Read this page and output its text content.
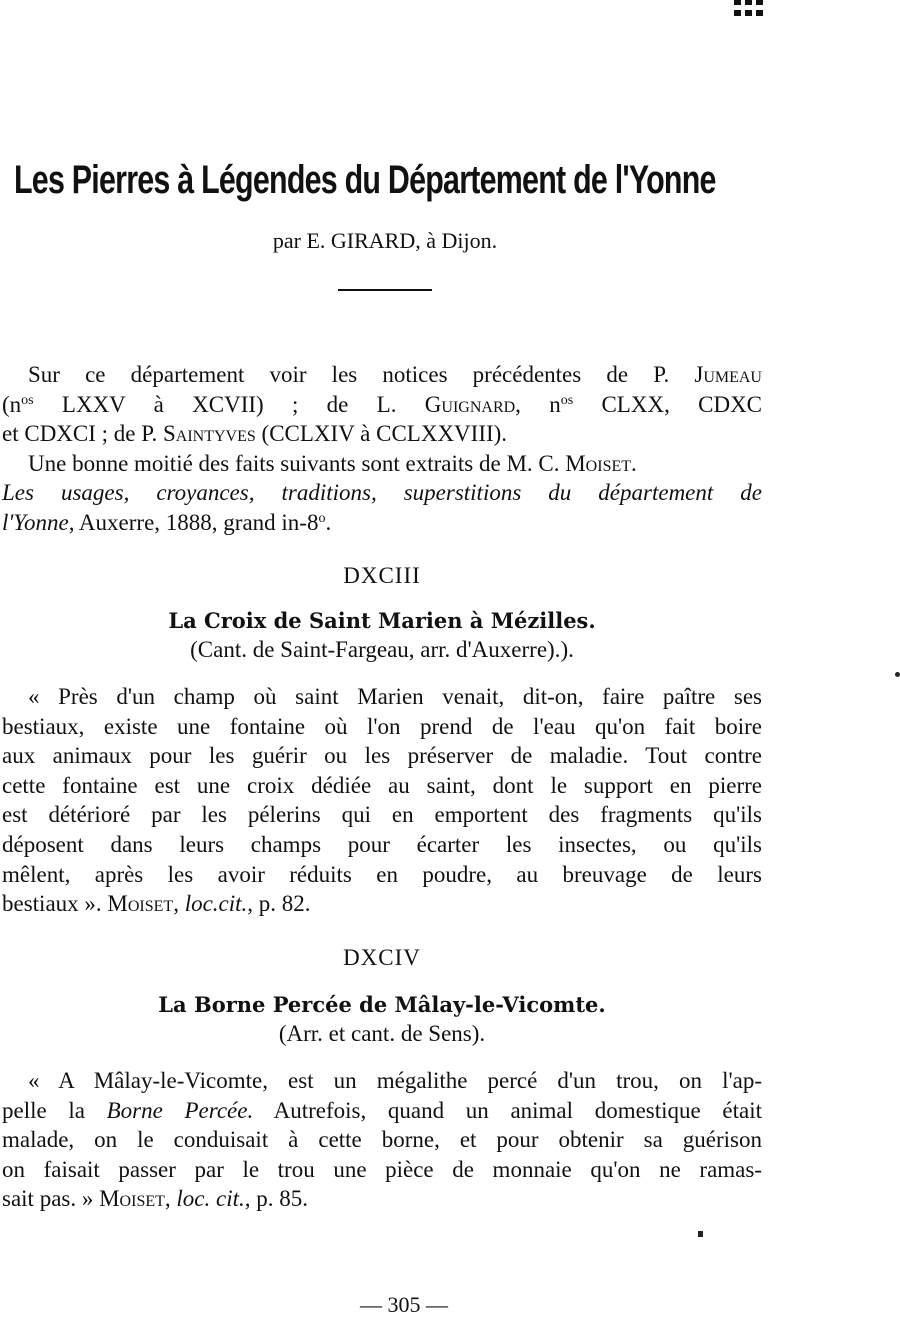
Les Pierres à Légendes du Département de l'Yonne
par E. GIRARD, à Dijon.
Sur ce département voir les notices précédentes de P. Jumeau
($n^{os}$ LXXV à XCVII) ; de L. Guignard, $n^{os}$ CLXX, CDXC
et CDXCI ; de P. Saintyves (CCLXIV à CCLXXVIII).
Une bonne moitié des faits suivants sont extraits de M. C. Moiset.
Les usages, croyances, traditions, superstitions du département de
l'Yonne, Auxerre, 1888, grand in-8$^o$.
DXCIII
La Croix de Saint Marien à Mézilles.
(Cant. de Saint-Fargeau, arr. d'Auxerre).).
« Près d'un champ où saint Marien venait, dit-on, faire paître ses
bestiaux, existe une fontaine où l'on prend de l'eau qu'on fait boire
aux animaux pour les guérir ou les préserver de maladie. Tout contre
cette fontaine est une croix dédiée au saint, dont le support en pierre
est détérioré par les pélerins qui en emportent des fragments qu'ils
déposent dans leurs champs pour écarter les insectes, ou qu'ils
mêlent, après les avoir réduits en poudre, au breuvage de leurs
bestiaux ». Moiset, loc.cit., p. 82.
DXCIV
La Borne Percée de Mâlay-le-Vicomte.
(Arr. et cant. de Sens).
« A Mâlay-le-Vicomte, est un mégalithe percé d'un trou, on l'ap-
pelle la Borne Percée. Autrefois, quand un animal domestique était
malade, on le conduisait à cette borne, et pour obtenir sa guérison
on faisait passer par le trou une pièce de monnaie qu'on ne ramas-
sait pas. » Moiset, loc. cit., p. 85.
— 305 —
